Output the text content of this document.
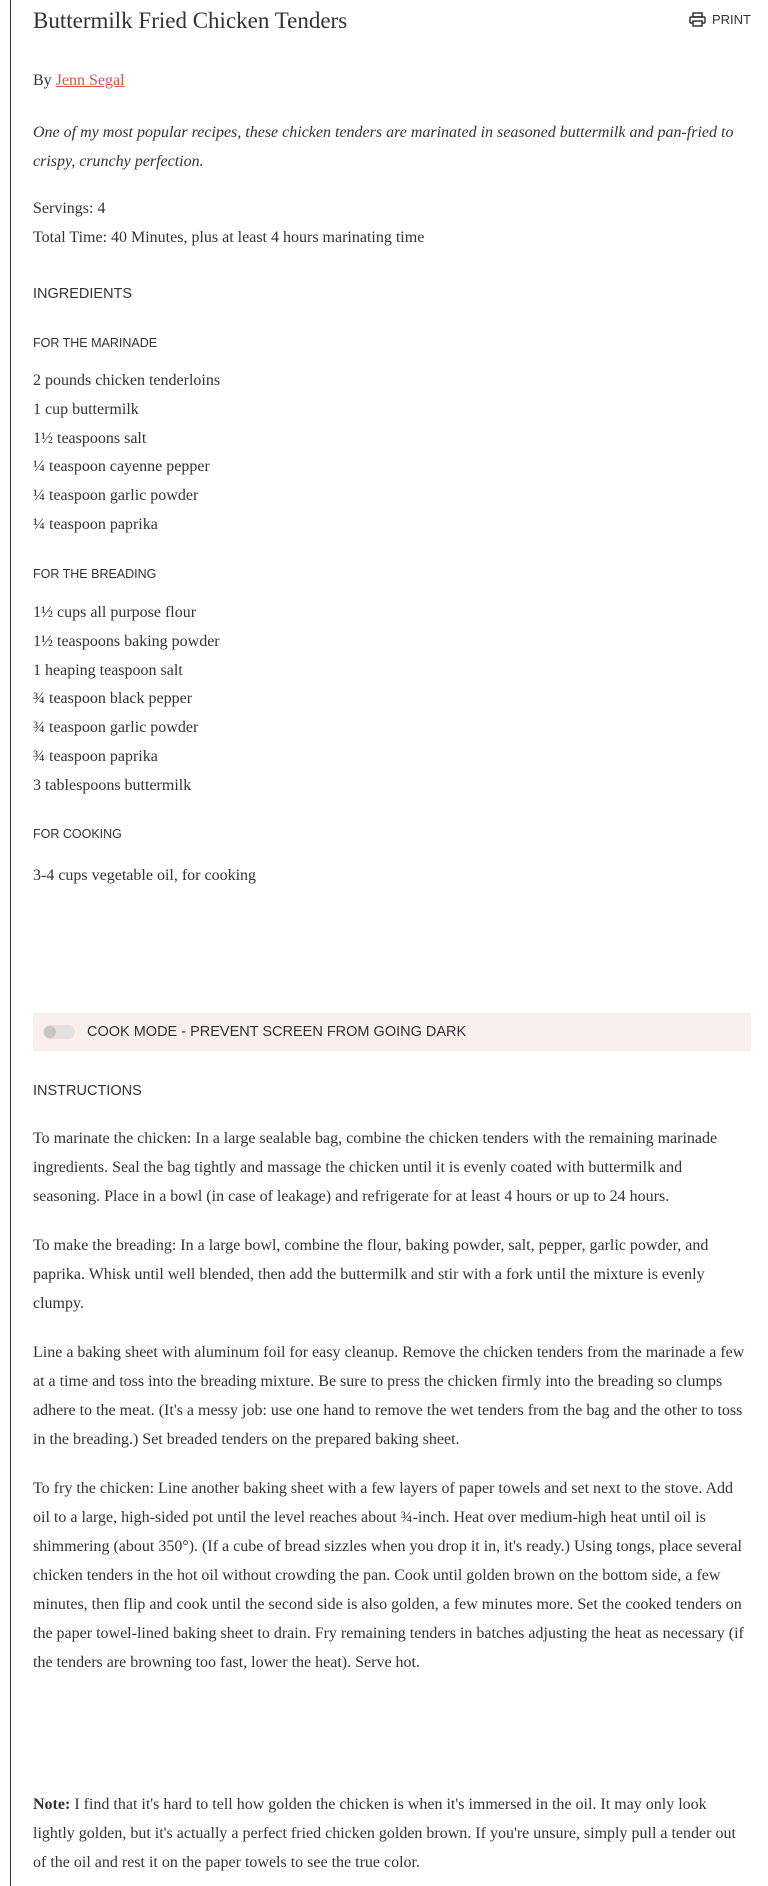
Buttermilk Fried Chicken Tenders	PRINT
By Jenn Segal
One of my most popular recipes, these chicken tenders are marinated in seasoned buttermilk and pan-fried to crispy, crunchy perfection.
Servings: 4
Total Time: 40 Minutes, plus at least 4 hours marinating time
INGREDIENTS
FOR THE MARINADE
2 pounds chicken tenderloins
1 cup buttermilk
1½ teaspoons salt
¼ teaspoon cayenne pepper
¼ teaspoon garlic powder
¼ teaspoon paprika
FOR THE BREADING
1½ cups all purpose flour
1½ teaspoons baking powder
1 heaping teaspoon salt
¾ teaspoon black pepper
¾ teaspoon garlic powder
¾ teaspoon paprika
3 tablespoons buttermilk
FOR COOKING
3-4 cups vegetable oil, for cooking
COOK MODE - PREVENT SCREEN FROM GOING DARK
INSTRUCTIONS
To marinate the chicken: In a large sealable bag, combine the chicken tenders with the remaining marinade ingredients. Seal the bag tightly and massage the chicken until it is evenly coated with buttermilk and seasoning. Place in a bowl (in case of leakage) and refrigerate for at least 4 hours or up to 24 hours.
To make the breading: In a large bowl, combine the flour, baking powder, salt, pepper, garlic powder, and paprika. Whisk until well blended, then add the buttermilk and stir with a fork until the mixture is evenly clumpy.
Line a baking sheet with aluminum foil for easy cleanup. Remove the chicken tenders from the marinade a few at a time and toss into the breading mixture. Be sure to press the chicken firmly into the breading so clumps adhere to the meat. (It's a messy job: use one hand to remove the wet tenders from the bag and the other to toss in the breading.) Set breaded tenders on the prepared baking sheet.
To fry the chicken: Line another baking sheet with a few layers of paper towels and set next to the stove. Add oil to a large, high-sided pot until the level reaches about ¾-inch. Heat over medium-high heat until oil is shimmering (about 350°). (If a cube of bread sizzles when you drop it in, it's ready.) Using tongs, place several chicken tenders in the hot oil without crowding the pan. Cook until golden brown on the bottom side, a few minutes, then flip and cook until the second side is also golden, a few minutes more. Set the cooked tenders on the paper towel-lined baking sheet to drain. Fry remaining tenders in batches adjusting the heat as necessary (if the tenders are browning too fast, lower the heat). Serve hot.
Note: I find that it's hard to tell how golden the chicken is when it's immersed in the oil. It may only look lightly golden, but it's actually a perfect fried chicken golden brown. If you're unsure, simply pull a tender out of the oil and rest it on the paper towels to see the true color.
